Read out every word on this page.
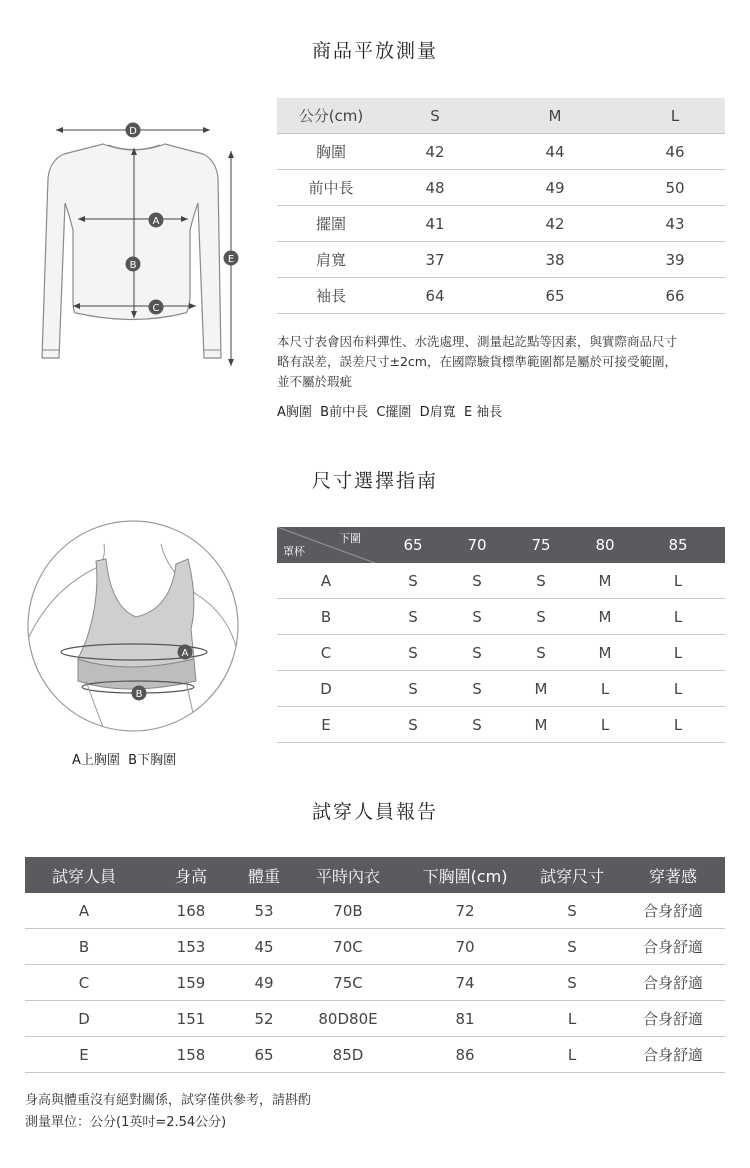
商品平放測量
D
A
B
C
E
公分(cm)	S	M	L
胸圍	42	44	46
前中長	48	49	50
擺圍	41	42	43
肩寬	37	38	39
袖長	64	65	66
本尺寸表會因布料彈性、水洗處理、測量起訖點等因素，與實際商品尺寸
略有誤差，誤差尺寸±2cm，在國際驗貨標準範圍都是屬於可接受範圍，
並不屬於瑕疵
A胸圍  B前中長  C擺圍  D肩寬  E 袖長
尺寸選擇指南
A
B
A上胸圍  B下胸圍
下圍
罩杯	65	70	75	80	85
A	S	S	S	M	L
B	S	S	S	M	L
C	S	S	S	M	L
D	S	S	M	L	L
E	S	S	M	L	L
試穿人員報告
試穿人員	身高	體重	平時內衣	下胸圍(cm)	試穿尺寸	穿著感
A	168	53	70B	72	S	合身舒適
B	153	45	70C	70	S	合身舒適
C	159	49	75C	74	S	合身舒適
D	151	52	80D80E	81	L	合身舒適
E	158	65	85D	86	L	合身舒適
身高與體重沒有絕對關係，試穿僅供參考，請斟酌
測量單位：公分(1英吋=2.54公分)
